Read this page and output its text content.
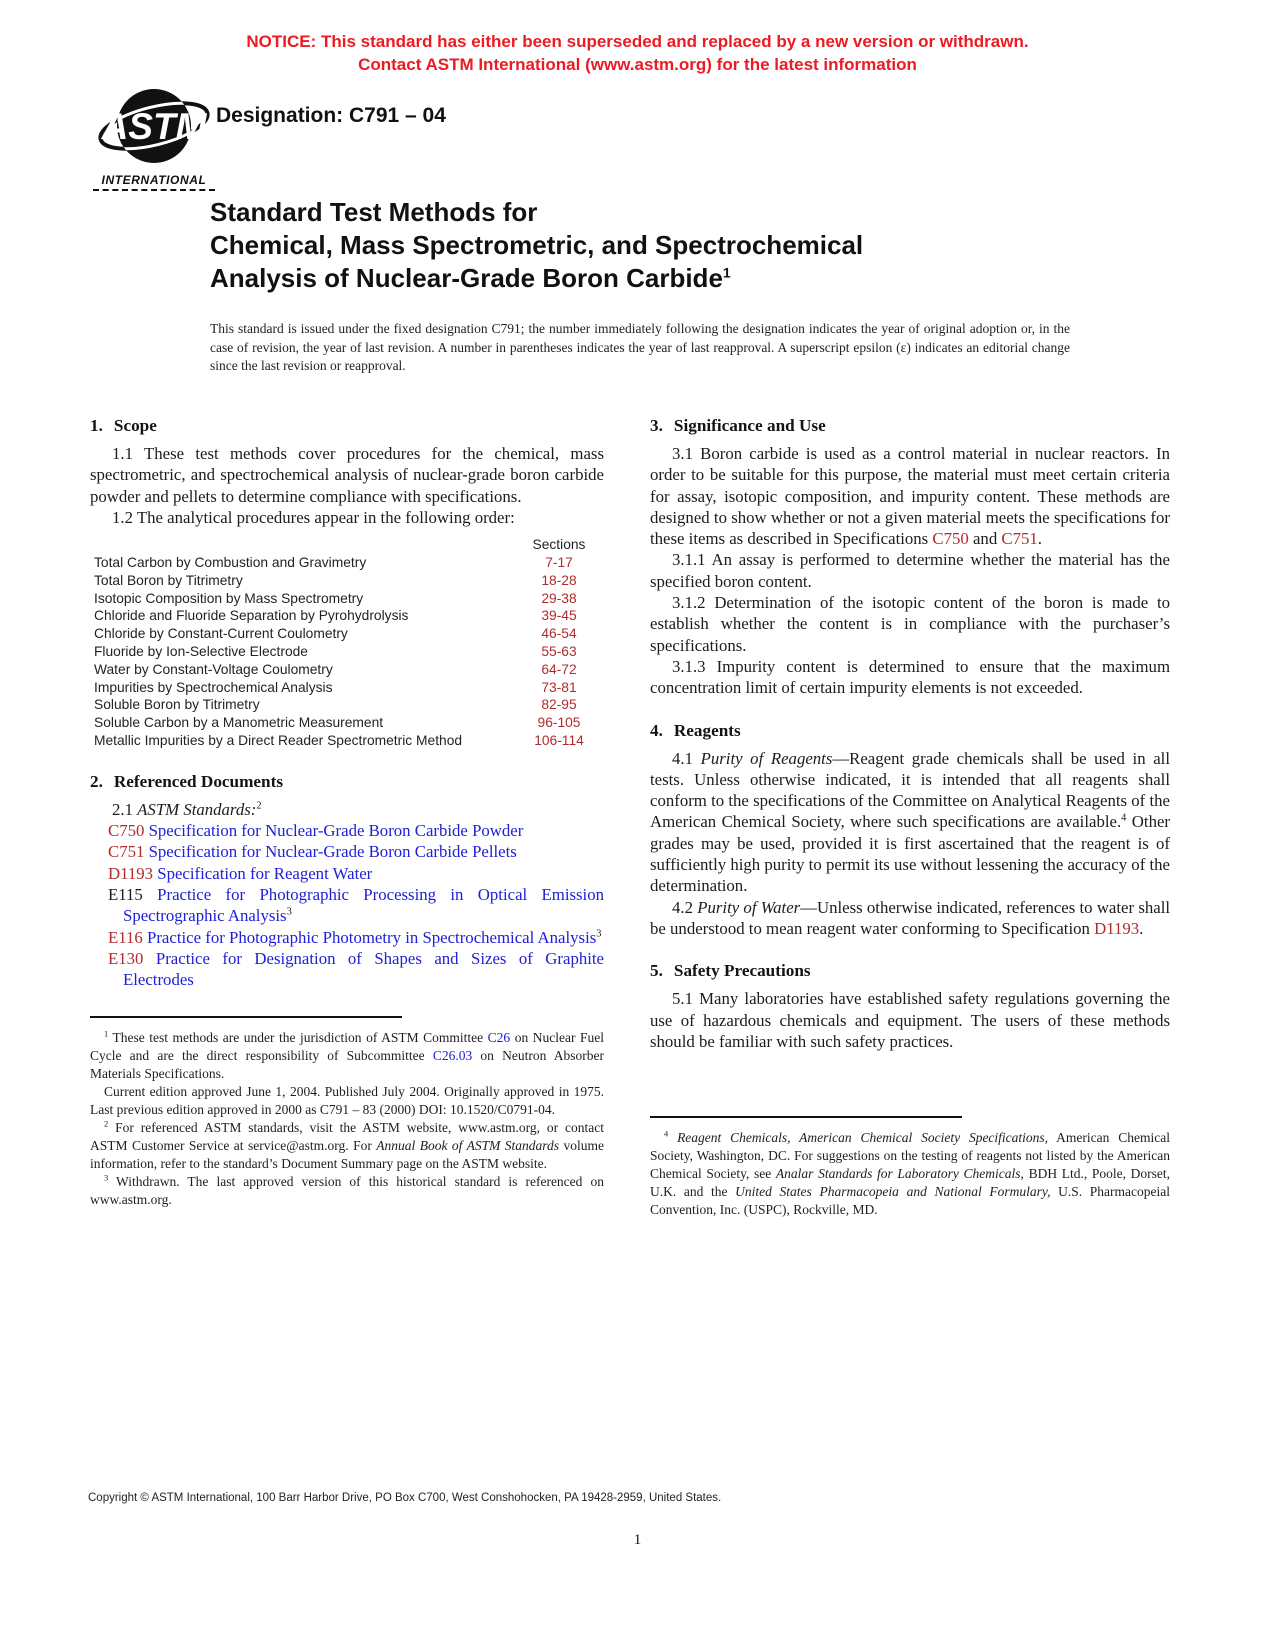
NOTICE: This standard has either been superseded and replaced by a new version or withdrawn.
Contact ASTM International (www.astm.org) for the latest information
ASTM
INTERNATIONAL
Designation: C791 – 04
Standard Test Methods for
Chemical, Mass Spectrometric, and Spectrochemical
Analysis of Nuclear-Grade Boron Carbide$^1$
This standard is issued under the fixed designation C791; the number immediately following the designation indicates the year of original adoption or, in the case of revision, the year of last revision. A number in parentheses indicates the year of last reapproval. A superscript epsilon (ε) indicates an editorial change since the last revision or reapproval.
1. Scope

1.1 These test methods cover procedures for the chemical, mass spectrometric, and spectrochemical analysis of nuclear-grade boron carbide powder and pellets to determine compliance with specifications.

1.2 The analytical procedures appear in the following order:

Sections
Total Carbon by Combustion and Gravimetry	7-17
Total Boron by Titrimetry	18-28
Isotopic Composition by Mass Spectrometry	29-38
Chloride and Fluoride Separation by Pyrohydrolysis	39-45
Chloride by Constant-Current Coulometry	46-54
Fluoride by Ion-Selective Electrode	55-63
Water by Constant-Voltage Coulometry	64-72
Impurities by Spectrochemical Analysis	73-81
Soluble Boron by Titrimetry	82-95
Soluble Carbon by a Manometric Measurement	96-105
Metallic Impurities by a Direct Reader Spectrometric Method	106-114
2. Referenced Documents

2.1 ASTM Standards:$^2$

C750 Specification for Nuclear-Grade Boron Carbide Powder

C751 Specification for Nuclear-Grade Boron Carbide Pellets

D1193 Specification for Reagent Water

E115 Practice for Photographic Processing in Optical Emission Spectrographic Analysis$^3$

E116 Practice for Photographic Photometry in Spectrochemical Analysis$^3$

E130 Practice for Designation of Shapes and Sizes of Graphite Electrodes

$^1$ These test methods are under the jurisdiction of ASTM Committee C26 on Nuclear Fuel Cycle and are the direct responsibility of Subcommittee C26.03 on Neutron Absorber Materials Specifications.

Current edition approved June 1, 2004. Published July 2004. Originally approved in 1975. Last previous edition approved in 2000 as C791 – 83 (2000) DOI: 10.1520/C0791-04.

$^2$ For referenced ASTM standards, visit the ASTM website, www.astm.org, or contact ASTM Customer Service at service@astm.org. For Annual Book of ASTM Standards volume information, refer to the standard’s Document Summary page on the ASTM website.

$^3$ Withdrawn. The last approved version of this historical standard is referenced on www.astm.org.

3. Significance and Use

3.1 Boron carbide is used as a control material in nuclear reactors. In order to be suitable for this purpose, the material must meet certain criteria for assay, isotopic composition, and impurity content. These methods are designed to show whether or not a given material meets the specifications for these items as described in Specifications C750 and C751.

3.1.1 An assay is performed to determine whether the material has the specified boron content.

3.1.2 Determination of the isotopic content of the boron is made to establish whether the content is in compliance with the purchaser’s specifications.

3.1.3 Impurity content is determined to ensure that the maximum concentration limit of certain impurity elements is not exceeded.

4. Reagents

4.1 Purity of Reagents—Reagent grade chemicals shall be used in all tests. Unless otherwise indicated, it is intended that all reagents shall conform to the specifications of the Committee on Analytical Reagents of the American Chemical Society, where such specifications are available.$^4$ Other grades may be used, provided it is first ascertained that the reagent is of sufficiently high purity to permit its use without lessening the accuracy of the determination.

4.2 Purity of Water—Unless otherwise indicated, references to water shall be understood to mean reagent water conforming to Specification D1193.

5. Safety Precautions

5.1 Many laboratories have established safety regulations governing the use of hazardous chemicals and equipment. The users of these methods should be familiar with such safety practices.

$^4$ Reagent Chemicals, American Chemical Society Specifications, American Chemical Society, Washington, DC. For suggestions on the testing of reagents not listed by the American Chemical Society, see Analar Standards for Laboratory Chemicals, BDH Ltd., Poole, Dorset, U.K. and the United States Pharmacopeia and National Formulary, U.S. Pharmacopeial Convention, Inc. (USPC), Rockville, MD.

Copyright © ASTM International, 100 Barr Harbor Drive, PO Box C700, West Conshohocken, PA 19428-2959, United States.
1
